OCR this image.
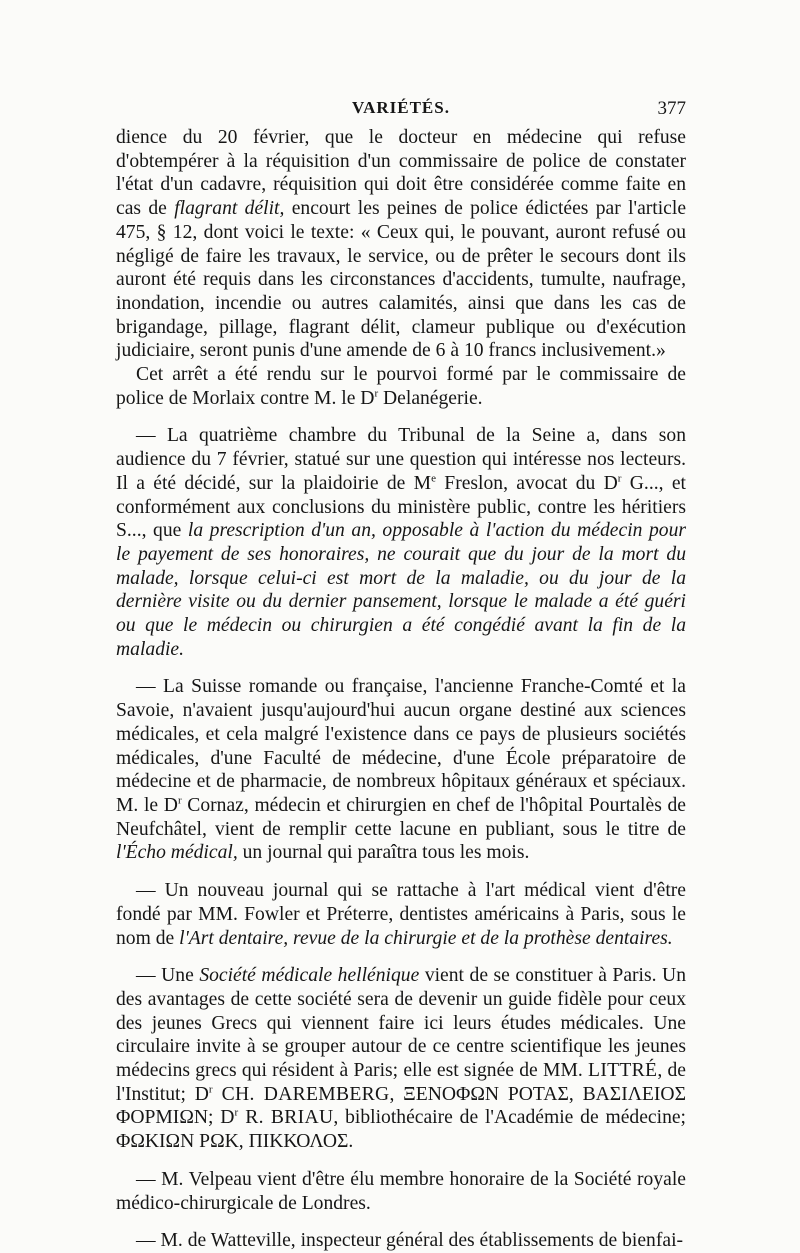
VARIÉTÉS.	377

dience du 20 février, que le docteur en médecine qui refuse d'obtempérer à la réquisition d'un commissaire de police de constater l'état d'un cadavre, réquisition qui doit être considérée comme faite en cas de flagrant délit, encourt les peines de police édictées par l'article 475, § 12, dont voici le texte: « Ceux qui, le pouvant, auront refusé ou négligé de faire les travaux, le service, ou de prêter le secours dont ils auront été requis dans les circonstances d'accidents, tumulte, naufrage, inondation, incendie ou autres calamités, ainsi que dans les cas de brigandage, pillage, flagrant délit, clameur publique ou d'exécution judiciaire, seront punis d'une amende de 6 à 10 francs inclusivement.»

Cet arrêt a été rendu sur le pourvoi formé par le commissaire de police de Morlaix contre M. le $D^r$ Delanégerie.

— La quatrième chambre du Tribunal de la Seine a, dans son audience du 7 février, statué sur une question qui intéresse nos lecteurs. Il a été décidé, sur la plaidoirie de Me Freslon, avocat du $D^r$ G..., et conformément aux conclusions du ministère public, contre les héritiers S..., que la prescription d'un an, opposable à l'action du médecin pour le payement de ses honoraires, ne courait que du jour de la mort du malade, lorsque celui-ci est mort de la maladie, ou du jour de la dernière visite ou du dernier pansement, lorsque le malade a été guéri ou que le médecin ou chirurgien a été congédié avant la fin de la maladie.

— La Suisse romande ou française, l'ancienne Franche-Comté et la Savoie, n'avaient jusqu'aujourd'hui aucun organe destiné aux sciences médicales, et cela malgré l'existence dans ce pays de plusieurs sociétés médicales, d'une Faculté de médecine, d'une École préparatoire de médecine et de pharmacie, de nombreux hôpitaux généraux et spéciaux. M. le $D^r$ Cornaz, médecin et chirurgien en chef de l'hôpital Pourtalès de Neufchâtel, vient de remplir cette lacune en publiant, sous le titre de l'Écho médical, un journal qui paraîtra tous les mois.

— Un nouveau journal qui se rattache à l'art médical vient d'être fondé par MM. Fowler et Préterre, dentistes américains à Paris, sous le nom de l'Art dentaire, revue de la chirurgie et de la prothèse dentaires.

— Une Société médicale hellénique vient de se constituer à Paris. Un des avantages de cette société sera de devenir un guide fidèle pour ceux des jeunes Grecs qui viennent faire ici leurs études médicales. Une circulaire invite à se grouper autour de ce centre scientifique les jeunes médecins grecs qui résident à Paris; elle est signée de MM. LITTRÉ, de l'Institut; $D^r$ CH. DAREMBERG, ΞΕΝΟΦΩΝ ΡΟΤΑΣ, ΒΑΣΙΛΕΙΟΣ ΦΟΡΜΙΩΝ; $D^r$ R. BRIAU, bibliothécaire de l'Académie de médecine; ΦΩΚΙΩΝ ΡΩΚ, ΠΙΚΚΟΛΟΣ.

— M. Velpeau vient d'être élu membre honoraire de la Société royale médico-chirurgicale de Londres.

— M. de Watteville, inspecteur général des établissements de bienfai-
